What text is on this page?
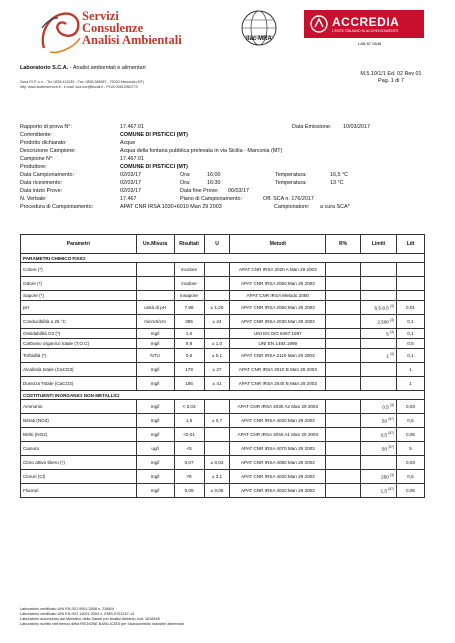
Servizi
Consulenze
Analisi Ambientali	ilac-MRA
ACCREDIA
L'ENTE ITALIANO DI ACCREDITAMENTO
LAB N° 0648
Laboratorio S.C.A. - Analisi ambientali e alimentari
Zona P.I.P. s.n. - Tel. 0835.411039 - Fax. 0835.385987 - 75020 Marconia (MT)
http: www.scaterservice.it - e-mail: sca.snc@tiscali.it - P.IVA 00612960773
M.5.10/1/1 Ed. 02 Rev 01
Pag. 1 di 7
Rapporto di prova N°:	17.467.01	Data Emissione: 10/03/2017
Committente:	COMUNE DI PISTICCI (MT)
Prodotto dichiarato:	Acque
Descrizione Campione:	Acqua della fontana pubblica prelevata in via Sicilia - Marconia (MT)
Campione N°:	17.467.01
Produttore:	COMUNE DI PISTICCI (MT)
Data Campionamento:	02/03/17	Ora:	16:00	Temperatura:	16,5 °C
Data ricevimento:	02/03/17	Ora:	16:30	Temperatura:	13 °C
Data inizio Prove:	02/03/17	Data fine Prove: 06/03/17
N. Verbale:	17.467	Piano di Campionamento:	Off. SCA n. 176/2017
Procedura di Campionamento:	APAT CNR IRSA 1030+6010 Man 29 2003	Campionatore: a cura SCA*
Parametri	Un.Misura	Risultati	U	Metodi	R%	Limiti	Ldt
PARAMETRI CHIMICO FISICI							
Colore (*)		incolore		APAT CNR IRSA 2020 A Man 29 2003			
Odore (*)		inodore		APAT CNR IRSA 2050 Man 29 2003			
Sapore (*)		insapore		APAT CNR IRSA Metodo 2080			
pH	unità di pH	7,98	± 1,20	APAT CNR IRSA 2060 Man 29 2003		6,5-9,5 $^{(3)}$	0,01
Conducibilità a 25 °C	microS/cm	395	± 24	APAT CNR IRSA 2030 Man 29 2003		2.500 $^{(3)}$	0,1
Ossidabilità O2 (*)	mg/l	1,0		UNI EN ISO 8467:1997		5 $^{(3)}$	0,1
Carbonio organico totale (T.O.C)	mg/l	9,8	± 1,0	UNI EN 1484:1999			0,5
Torbidità (*)	NTU	0,5	± 0,1	APAT CNR IRSA 2110 Man 29 2003		1 $^{(3)}$	0,1
Alcalinità totale (CaCO3)	mg/l	179	± 27	APAT CNR IRSA 2010 B Man 29 2003			1
Durezza Totale (CaCO3)	mg/l	186	± 41	APAT CNR IRSA 2040 B Man 29 2003			1
COSTITUENTI INORGANICI NON METALLICI							
Ammonio	mg/l	< 0,03		APAT CNR IRSA 4030 A2 Man 29 2003		0,5 $^{(3)}$	0,03
Nitrati (NO3)	mg/l	1,5	± 0,7	APAT CNR IRSA 4020 Man 29 2003		50 $^{(57)}$	0,5
Nitriti (NO2)	mg/l	<0,01		APAT CNR IRSA 4040 A1 Man 29 2003		0,5 $^{(57)}$	0,05
Cianuro	ug/l	<5		APAT CNR IRSA 4070 Man 29 2003		50 $^{(57)}$	5
Cloro attivo libero (*)	mg/l	0,07	± 0,03	APAT CNR IRSA 4080 Man 29 2003			0,03
Cloruri (Cl)	mg/l	78	± 3,1	APAT CNR IRSA 4020 Man 29 2003		250 $^{(3)}$	0,5
Fluoruri	mg/l	0,09	± 0,05	APAT CNR IRSA 4020 Man 29 2003		1,5 $^{(57)}$	0,05
Laboratorio certificato UNI EN ISO 9001:2008 n. 2366/4
Laboratorio certificato UNI EN ISO 14001:2004 n. EMS-0701247-14
Laboratorio autorizzato dal Ministero della Salute per Analisi Amianto cod. 1618456
Laboratorio iscritto nell'elenco della REGIONE BASILICATA per l'autocontrollo industrie alimentari
